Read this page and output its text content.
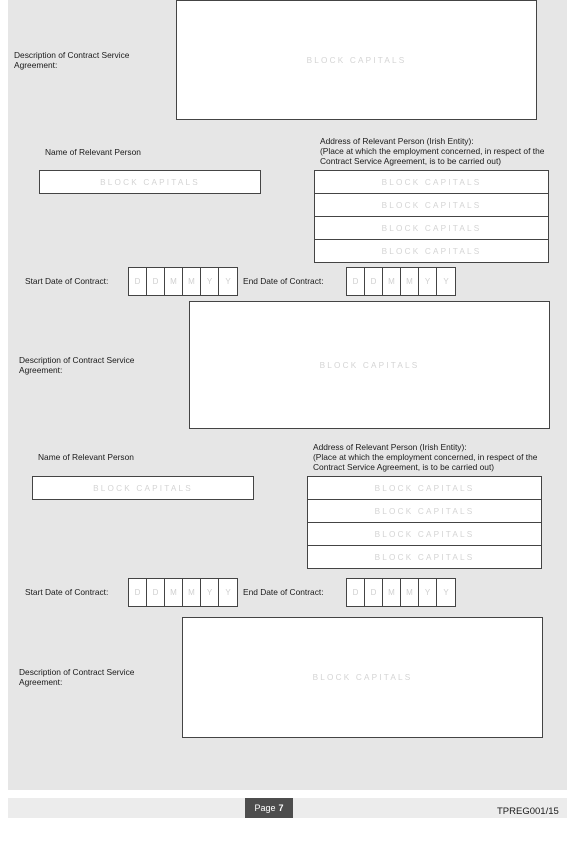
Description of Contract Service Agreement:	BLOCK CAPITALS
Name of Relevant Person
BLOCK CAPITALS
Address of Relevant Person (Irish Entity):
(Place at which the employment concerned, in respect of the Contract Service Agreement, is to be carried out)
BLOCK CAPITALS
BLOCK CAPITALS
BLOCK CAPITALS
BLOCK CAPITALS
Start Date of Contract:	D	D	M	M	Y	Y	End Date of Contract:	D	D	M	M	Y	Y
Description of Contract Service Agreement:	BLOCK CAPITALS
Name of Relevant Person
BLOCK CAPITALS
Address of Relevant Person (Irish Entity):
(Place at which the employment concerned, in respect of the Contract Service Agreement, is to be carried out)
BLOCK CAPITALS
BLOCK CAPITALS
BLOCK CAPITALS
BLOCK CAPITALS
Start Date of Contract:	D	D	M	M	Y	Y	End Date of Contract:	D	D	M	M	Y	Y
Description of Contract Service Agreement:	BLOCK CAPITALS
Page 7	TPREG001/15
